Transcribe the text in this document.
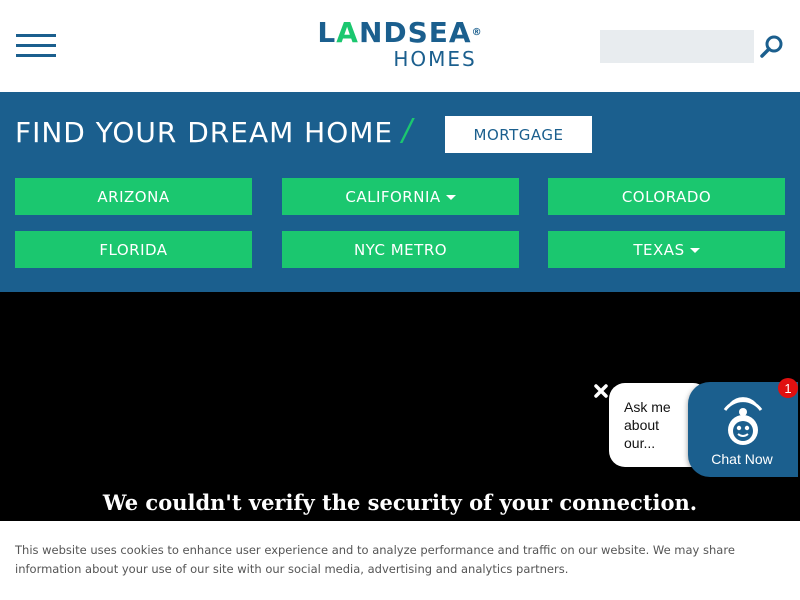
LANDSEA®
HOMES
FIND YOUR DREAM HOME /	MORTGAGE
ARIZONA	CALIFORNIA	COLORADO
FLORIDA	NYC METRO	TEXAS
We couldn't verify the security of your connection.
Ask me
about
our...
Chat Now
1
This website uses cookies to enhance user experience and to analyze performance and traffic on our website. We may share information about your use of our site with our social media, advertising and analytics partners.
